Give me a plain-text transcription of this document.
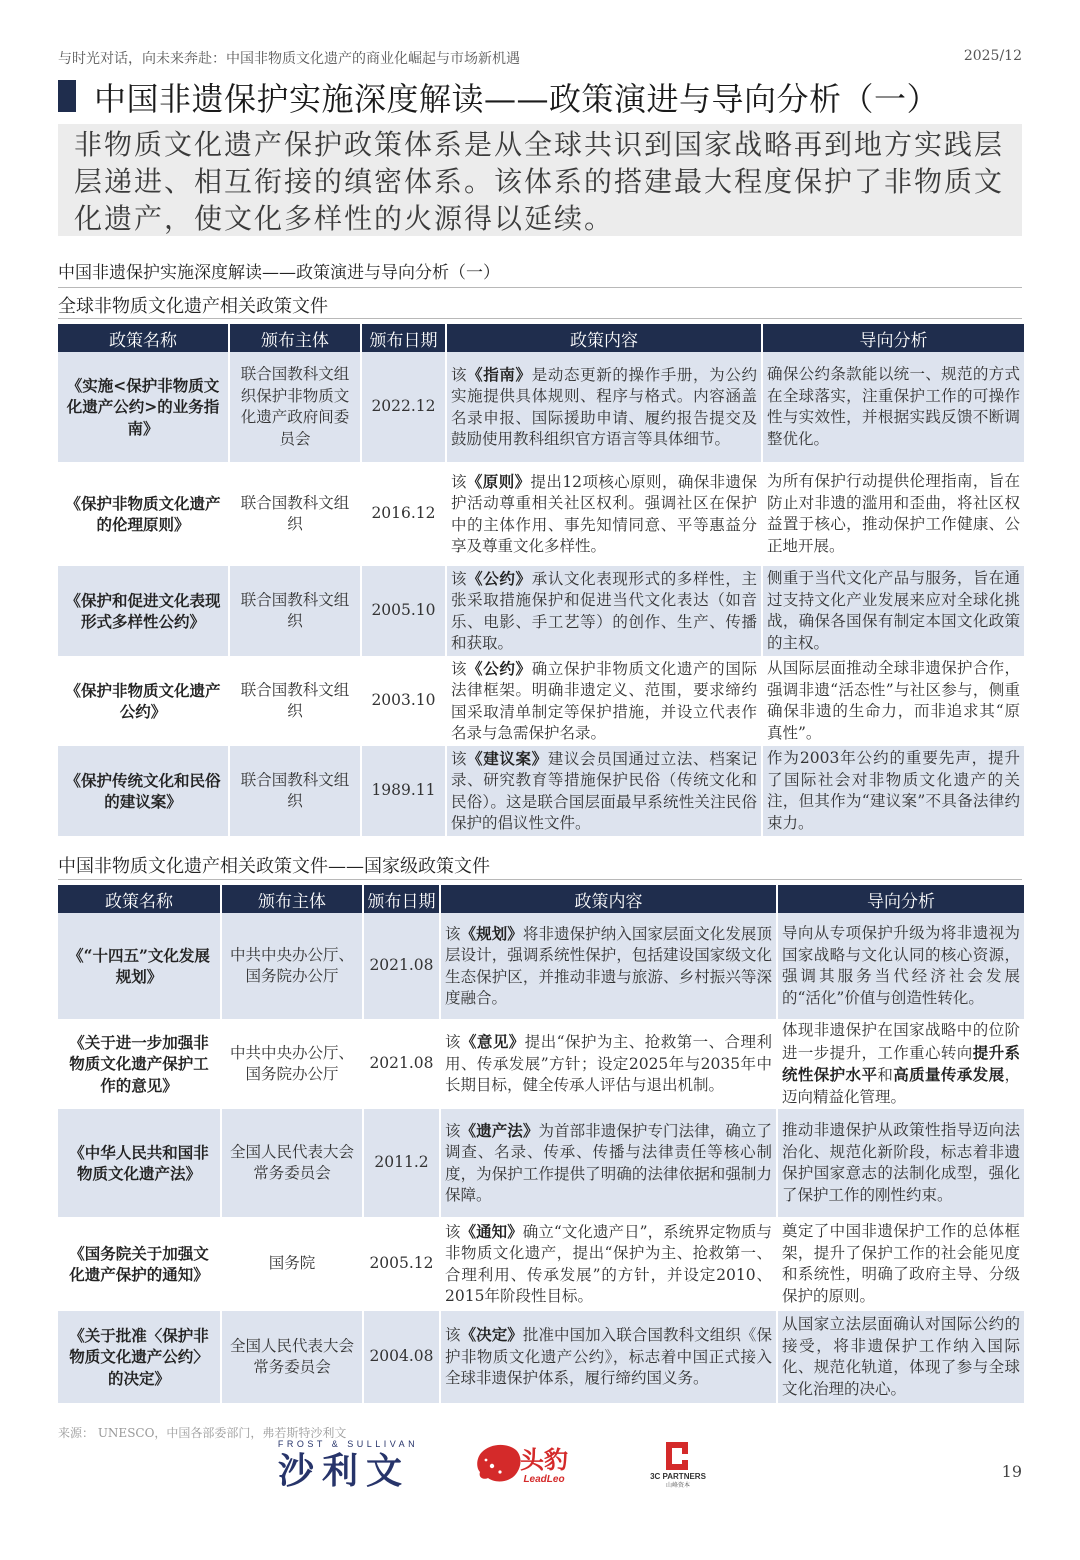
与时光对话，向未来奔赴：中国非物质文化遗产的商业化崛起与市场新机遇	2025/12
中国非遗保护实施深度解读——政策演进与导向分析（一）
非物质文化遗产保护政策体系是从全球共识到国家战略再到地方实践层层递进、相互衔接的缜密体系。该体系的搭建最大程度保护了非物质文化遗产，使文化多样性的火源得以延续。
中国非遗保护实施深度解读——政策演进与导向分析（一）
全球非物质文化遗产相关政策文件
政策名称	颁布主体	颁布日期	政策内容	导向分析
《实施<保护非物质文化遗产公约>的业务指南》	联合国教科文组织保护非物质文化遗产政府间委员会	2022.12	该《指南》是动态更新的操作手册，为公约实施提供具体规则、程序与格式。内容涵盖名录申报、国际援助申请、履约报告提交及鼓励使用教科组织官方语言等具体细节。	确保公约条款能以统一、规范的方式在全球落实，注重保护工作的可操作性与实效性，并根据实践反馈不断调整优化。
《保护非物质文化遗产的伦理原则》	联合国教科文组织	2016.12	该《原则》提出12项核心原则，确保非遗保护活动尊重相关社区权利。强调社区在保护中的主体作用、事先知情同意、平等惠益分享及尊重文化多样性。	为所有保护行动提供伦理指南，旨在防止对非遗的滥用和歪曲，将社区权益置于核心，推动保护工作健康、公正地开展。
《保护和促进文化表现形式多样性公约》	联合国教科文组织	2005.10	该《公约》承认文化表现形式的多样性，主张采取措施保护和促进当代文化表达（如音乐、电影、手工艺等）的创作、生产、传播和获取。	侧重于当代文化产品与服务，旨在通过支持文化产业发展来应对全球化挑战，确保各国保有制定本国文化政策的主权。
《保护非物质文化遗产公约》	联合国教科文组织	2003.10	该《公约》确立保护非物质文化遗产的国际法律框架。明确非遗定义、范围，要求缔约国采取清单制定等保护措施，并设立代表作名录与急需保护名录。	从国际层面推动全球非遗保护合作，强调非遗“活态性”与社区参与，侧重确保非遗的生命力，而非追求其“原真性”。
《保护传统文化和民俗的建议案》	联合国教科文组织	1989.11	该《建议案》建议会员国通过立法、档案记录、研究教育等措施保护民俗（传统文化和民俗）。这是联合国层面最早系统性关注民俗保护的倡议性文件。	作为2003年公约的重要先声，提升了国际社会对非物质文化遗产的关注，但其作为“建议案”不具备法律约束力。
中国非物质文化遗产相关政策文件——国家级政策文件
政策名称	颁布主体	颁布日期	政策内容	导向分析
《“十四五”文化发展规划》	中共中央办公厅、国务院办公厅	2021.08	该《规划》将非遗保护纳入国家层面文化发展顶层设计，强调系统性保护，包括建设国家级文化生态保护区，并推动非遗与旅游、乡村振兴等深度融合。	导向从专项保护升级为将非遗视为国家战略与文化认同的核心资源，强调其服务当代经济社会发展的“活化”价值与创造性转化。
《关于进一步加强非物质文化遗产保护工作的意见》	中共中央办公厅、国务院办公厅	2021.08	该《意见》提出“保护为主、抢救第一、合理利用、传承发展”方针；设定2025年与2035年中长期目标，健全传承人评估与退出机制。	体现非遗保护在国家战略中的位阶进一步提升，工作重心转向提升系统性保护水平和高质量传承发展，迈向精益化管理。
《中华人民共和国非物质文化遗产法》	全国人民代表大会常务委员会	2011.2	该《遗产法》为首部非遗保护专门法律，确立了调查、名录、传承、传播与法律责任等核心制度，为保护工作提供了明确的法律依据和强制力保障。	推动非遗保护从政策性指导迈向法治化、规范化新阶段，标志着非遗保护国家意志的法制化成型，强化了保护工作的刚性约束。
《国务院关于加强文化遗产保护的通知》	国务院	2005.12	该《通知》确立“文化遗产日”，系统界定物质与非物质文化遗产，提出“保护为主、抢救第一、合理利用、传承发展”的方针，并设定2010、2015年阶段性目标。	奠定了中国非遗保护工作的总体框架，提升了保护工作的社会能见度和系统性，明确了政府主导、分级保护的原则。
《关于批准〈保护非物质文化遗产公约〉的决定》	全国人民代表大会常务委员会	2004.08	该《决定》批准中国加入联合国教科文组织《保护非物质文化遗产公约》，标志着中国正式接入全球非遗保护体系，履行缔约国义务。	从国家立法层面确认对国际公约的接受，将非遗保护工作纳入国际化、规范化轨道，体现了参与全球文化治理的决心。
来源： UNESCO，中国各部委部门，弗若斯特沙利文
FROST & SULLIVAN
沙利文	头豹
LeadLeo	3C PARTNERS
山峰资本
19
